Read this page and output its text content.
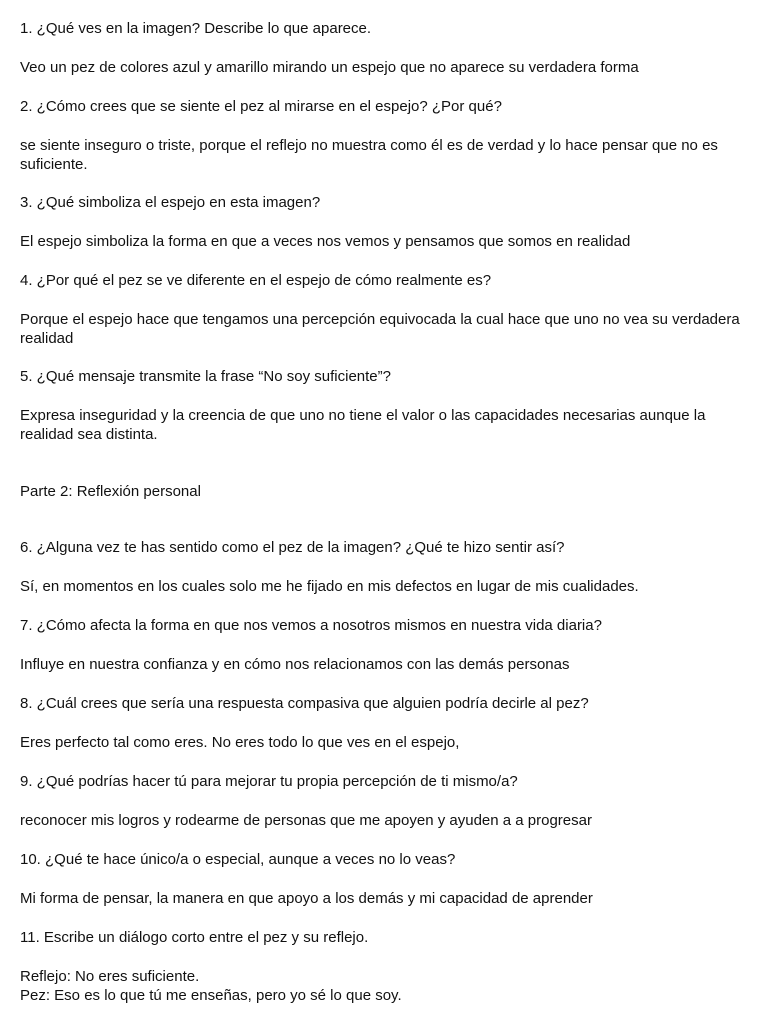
1. ¿Qué ves en la imagen? Describe lo que aparece.

Veo un pez de colores azul y amarillo mirando un espejo que no aparece su verdadera forma

2. ¿Cómo crees que se siente el pez al mirarse en el espejo? ¿Por qué?

se siente inseguro o triste, porque el reflejo no muestra como él es de verdad y lo hace pensar que no es suficiente.

3. ¿Qué simboliza el espejo en esta imagen?

El espejo simboliza la forma en que a veces nos vemos y pensamos que somos en realidad

4. ¿Por qué el pez se ve diferente en el espejo de cómo realmente es?

Porque el espejo hace que tengamos una percepción equivocada la cual hace que uno no vea su verdadera realidad

5. ¿Qué mensaje transmite la frase “No soy suficiente”?

Expresa inseguridad y la creencia de que uno no tiene el valor o las capacidades necesarias aunque la realidad sea distinta.

Parte 2: Reflexión personal

6. ¿Alguna vez te has sentido como el pez de la imagen? ¿Qué te hizo sentir así?

Sí, en momentos en los cuales solo me he fijado en mis defectos en lugar de mis cualidades.

7. ¿Cómo afecta la forma en que nos vemos a nosotros mismos en nuestra vida diaria?

Influye en nuestra confianza y en cómo nos relacionamos con las demás personas

8. ¿Cuál crees que sería una respuesta compasiva que alguien podría decirle al pez?

Eres perfecto tal como eres. No eres todo lo que ves en el espejo,

9. ¿Qué podrías hacer tú para mejorar tu propia percepción de ti mismo/a?

reconocer mis logros y rodearme de personas que me apoyen y ayuden a a progresar

10. ¿Qué te hace único/a o especial, aunque a veces no lo veas?

Mi forma de pensar, la manera en que apoyo a los demás y mi capacidad de aprender

11. Escribe un diálogo corto entre el pez y su reflejo.

Reflejo: No eres suficiente.

Pez: Eso es lo que tú me enseñas, pero yo sé lo que soy.
